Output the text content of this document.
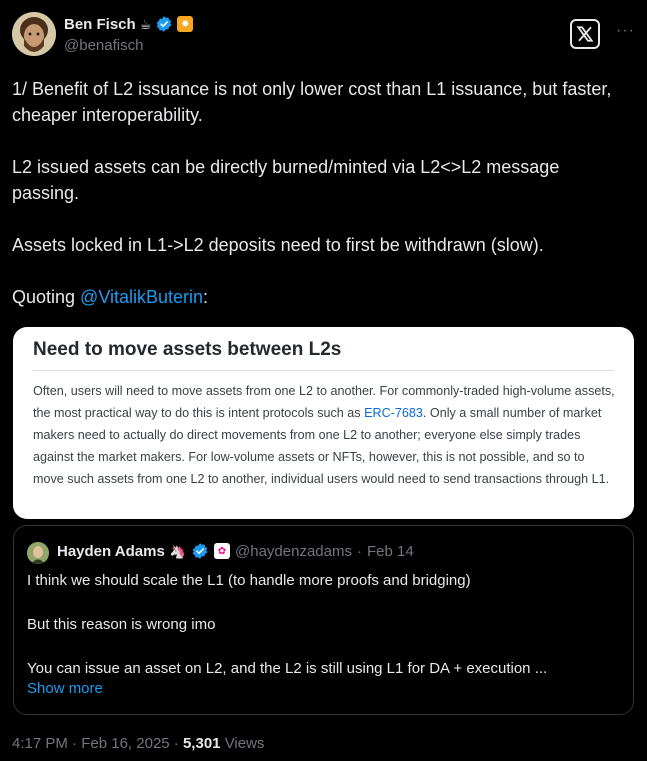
Ben Fisch ☕	✹
@benafisch
···

1/ Benefit of L2 issuance is not only lower cost than L1 issuance, but faster, cheaper interoperability.

L2 issued assets can be directly burned/minted via L2<>L2 message passing.

Assets locked in L1->L2 deposits need to first be withdrawn (slow).

Quoting @VitalikButerin:

Need to move assets between L2s
Often, users will need to move assets from one L2 to another. For commonly-traded high-volume assets, the most practical way to do this is intent protocols such as ERC-7683. Only a small number of market makers need to actually do direct movements from one L2 to another; everyone else simply trades against the market makers. For low-volume assets or NFTs, however, this is not possible, and so to move such assets from one L2 to another, individual users would need to send transactions through L1.
Hayden Adams 🦄	✿ @haydenzadams · Feb 14

I think we should scale the L1 (to handle more proofs and bridging)

But this reason is wrong imo

You can issue an asset on L2, and the L2 is still using L1 for DA + execution ...

Show more
4:17 PM · Feb 16, 2025 · 5,301 Views
